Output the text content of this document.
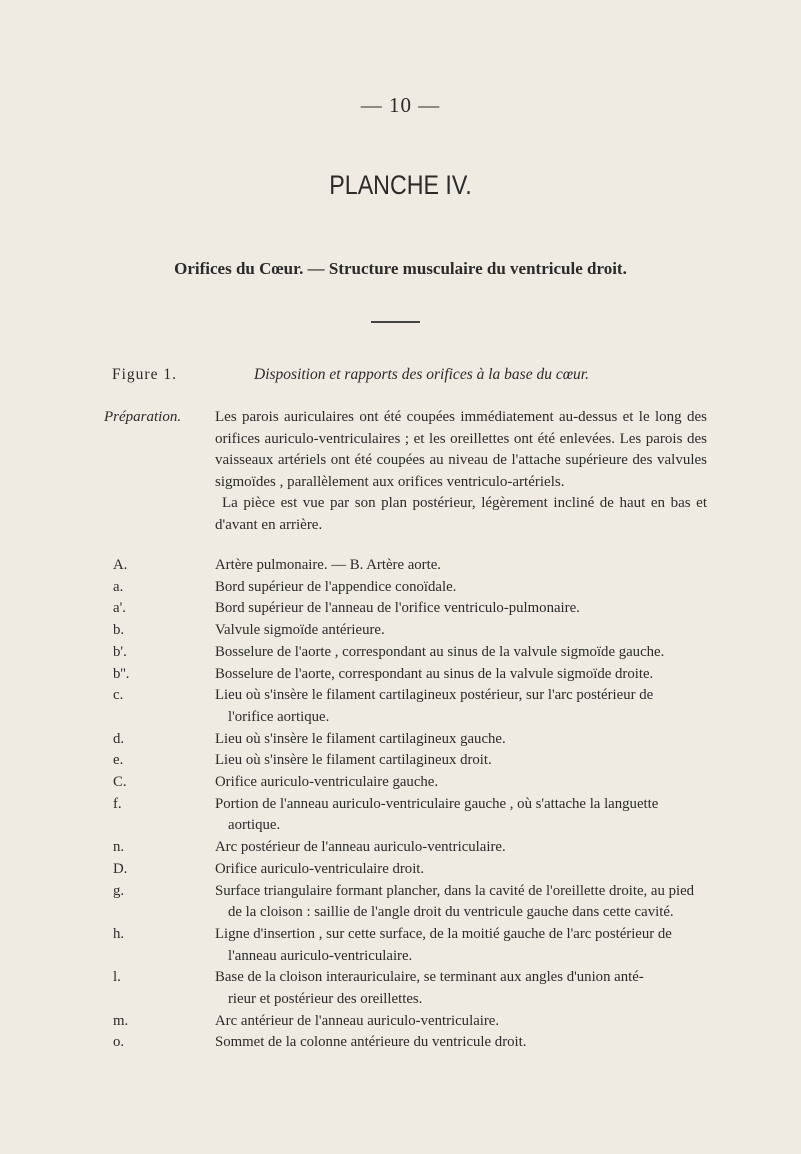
— 10 —
PLANCHE IV.
Orifices du Cœur. — Structure musculaire du ventricule droit.
Figure 1.	Disposition et rapports des orifices à la base du cœur.
Préparation. Les parois auriculaires ont été coupées immédiatement au-dessus et le long des orifices auriculo-ventriculaires ; et les oreillettes ont été enlevées. Les parois des vaisseaux artériels ont été coupées au niveau de l'attache supérieure des valvules sigmoïdes , parallèlement aux orifices ventriculo-artériels.

La pièce est vue par son plan postérieur, légèrement incliné de haut en bas et d'avant en arrière.

A.	Artère pulmonaire. — B. Artère aorte.
a.	Bord supérieur de l'appendice conoïdale.
a'.	Bord supérieur de l'anneau de l'orifice ventriculo-pulmonaire.
b.	Valvule sigmoïde antérieure.
b'.	Bosselure de l'aorte , correspondant au sinus de la valvule sigmoïde gauche.
b''.	Bosselure de l'aorte, correspondant au sinus de la valvule sigmoïde droite.
c.	Lieu où s'insère le filament cartilagineux postérieur, sur l'arc postérieur de
l'orifice aortique.
d.	Lieu où s'insère le filament cartilagineux gauche.
e.	Lieu où s'insère le filament cartilagineux droit.
C.	Orifice auriculo-ventriculaire gauche.
f.	Portion de l'anneau auriculo-ventriculaire gauche , où s'attache la languette
aortique.
n.	Arc postérieur de l'anneau auriculo-ventriculaire.
D.	Orifice auriculo-ventriculaire droit.
g.	Surface triangulaire formant plancher, dans la cavité de l'oreillette droite, au pied
de la cloison : saillie de l'angle droit du ventricule gauche dans cette cavité.
h.	Ligne d'insertion , sur cette surface, de la moitié gauche de l'arc postérieur de
l'anneau auriculo-ventriculaire.
l.	Base de la cloison interauriculaire, se terminant aux angles d'union anté-
rieur et postérieur des oreillettes.
m.	Arc antérieur de l'anneau auriculo-ventriculaire.
o.	Sommet de la colonne antérieure du ventricule droit.
